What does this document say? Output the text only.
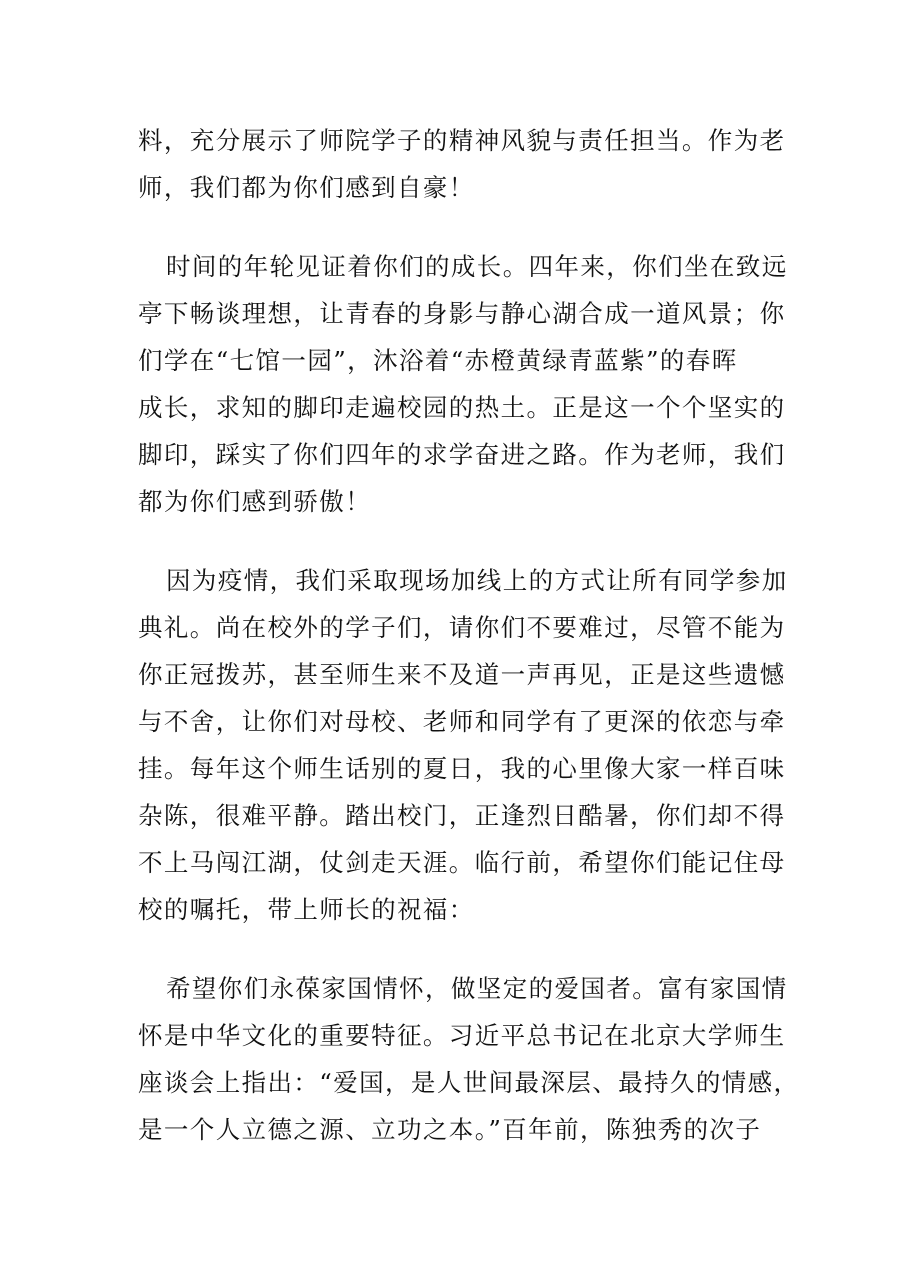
料，充分展示了师院学子的精神风貌与责任担当。作为老
师，我们都为你们感到自豪！

时间的年轮见证着你们的成长。四年来，你们坐在致远
亭下畅谈理想，让青春的身影与静心湖合成一道风景；你
们学在“七馆一园”，沐浴着“赤橙黄绿青蓝紫”的春晖
成长，求知的脚印走遍校园的热土。正是这一个个坚实的
脚印，踩实了你们四年的求学奋进之路。作为老师，我们
都为你们感到骄傲！

因为疫情，我们采取现场加线上的方式让所有同学参加
典礼。尚在校外的学子们，请你们不要难过，尽管不能为
你正冠拨苏，甚至师生来不及道一声再见，正是这些遗憾
与不舍，让你们对母校、老师和同学有了更深的依恋与牵
挂。每年这个师生话别的夏日，我的心里像大家一样百味
杂陈，很难平静。踏出校门，正逢烈日酷暑，你们却不得
不上马闯江湖，仗剑走天涯。临行前，希望你们能记住母
校的嘱托，带上师长的祝福：

希望你们永葆家国情怀，做坚定的爱国者。富有家国情
怀是中华文化的重要特征。习近平总书记在北京大学师生
座谈会上指出：“爱国，是人世间最深层、最持久的情感，
是一个人立德之源、立功之本。”百年前，陈独秀的次子
